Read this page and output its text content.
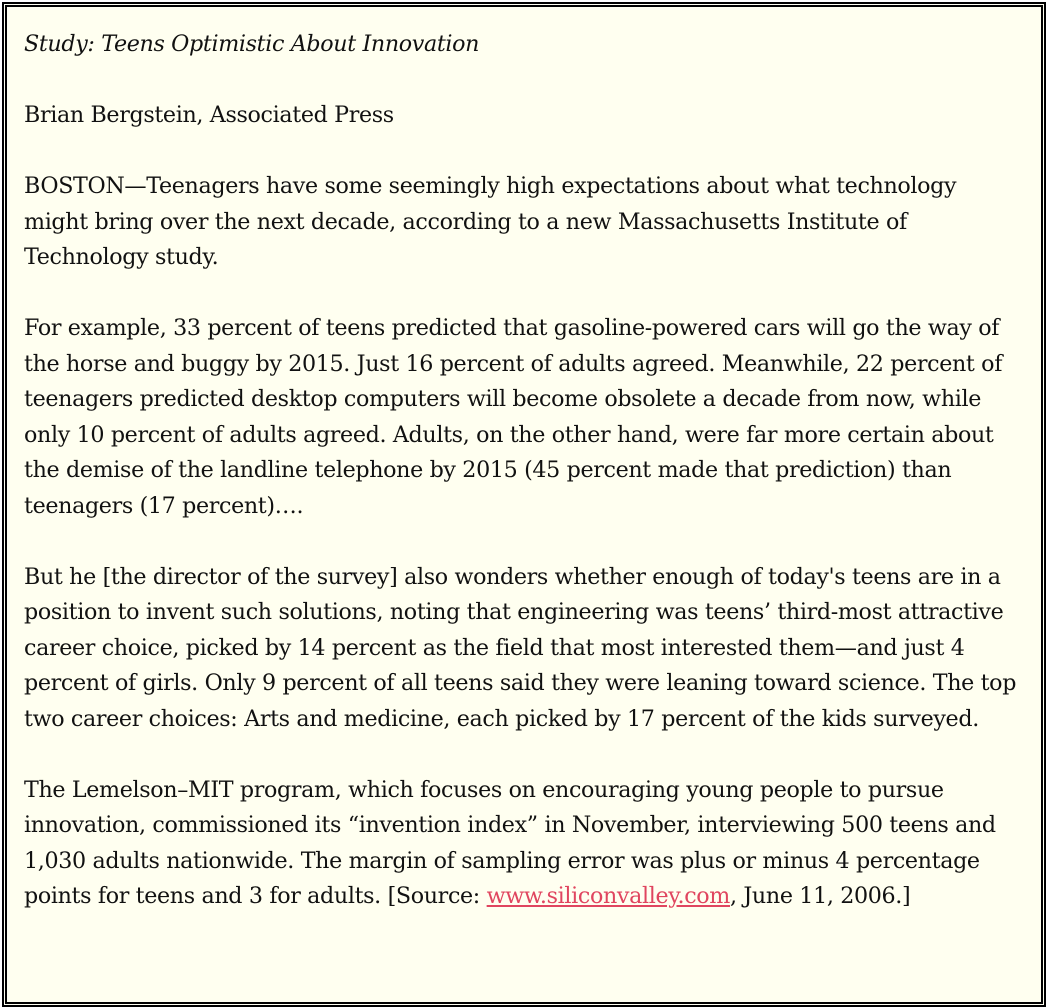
Study: Teens Optimistic About Innovation
Brian Bergstein, Associated Press

BOSTON—Teenagers have some seemingly high expectations about what technology might bring over the next decade, according to a new Massachusetts Institute of Technology study.

For example, 33 percent of teens predicted that gasoline-powered cars will go the way of the horse and buggy by 2015. Just 16 percent of adults agreed. Meanwhile, 22 percent of teenagers predicted desktop computers will become obsolete a decade from now, while only 10 percent of adults agreed. Adults, on the other hand, were far more certain about the demise of the landline telephone by 2015 (45 percent made that prediction) than teenagers (17 percent)….

But he [the director of the survey] also wonders whether enough of today's teens are in a position to invent such solutions, noting that engineering was teens’ third-most attractive career choice, picked by 14 percent as the field that most interested them—and just 4 percent of girls. Only 9 percent of all teens said they were leaning toward science. The top two career choices: Arts and medicine, each picked by 17 percent of the kids surveyed.

The Lemelson–MIT program, which focuses on encouraging young people to pursue innovation, commissioned its “invention index” in November, interviewing 500 teens and 1,030 adults nationwide. The margin of sampling error was plus or minus 4 percentage points for teens and 3 for adults. [Source: www.siliconvalley.com, June 11, 2006.]
